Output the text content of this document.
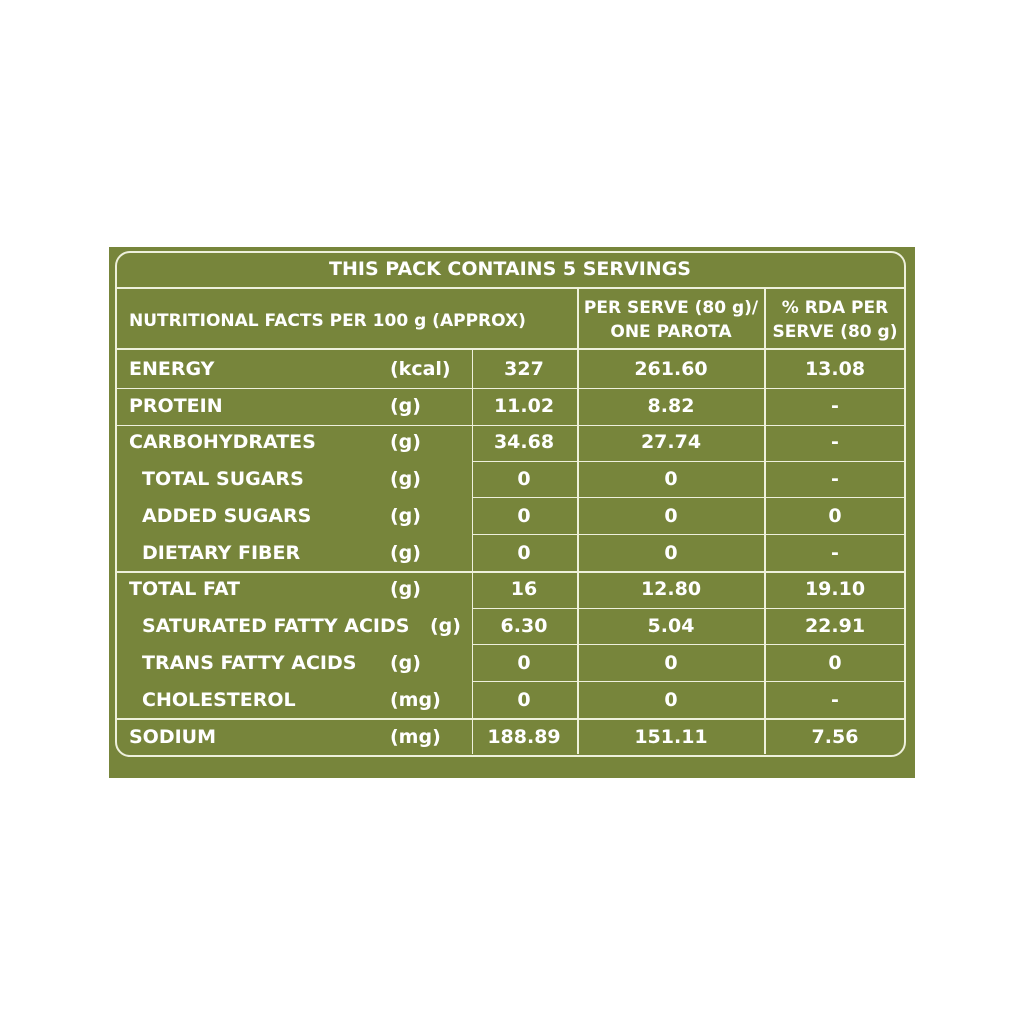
THIS PACK CONTAINS 5 SERVINGS
NUTRITIONAL FACTS PER 100 g (APPROX)
PER SERVE (80 g)/
ONE PAROTA
% RDA PER
SERVE (80 g)
ENERGY	(kcal)	327	261.60	13.08
PROTEIN	(g)	11.02	8.82	-
CARBOHYDRATES	(g)	34.68	27.74	-
TOTAL SUGARS	(g)	0	0	-
ADDED SUGARS	(g)	0	0	0
DIETARY FIBER	(g)	0	0	-
TOTAL FAT	(g)	16	12.80	19.10
SATURATED FATTY ACIDS (g) 6.30	5.04	22.91
TRANS FATTY ACIDS (g)	0	0	0
CHOLESTEROL	(mg)	0	0	-
SODIUM	(mg) 188.89	151.11	7.56
